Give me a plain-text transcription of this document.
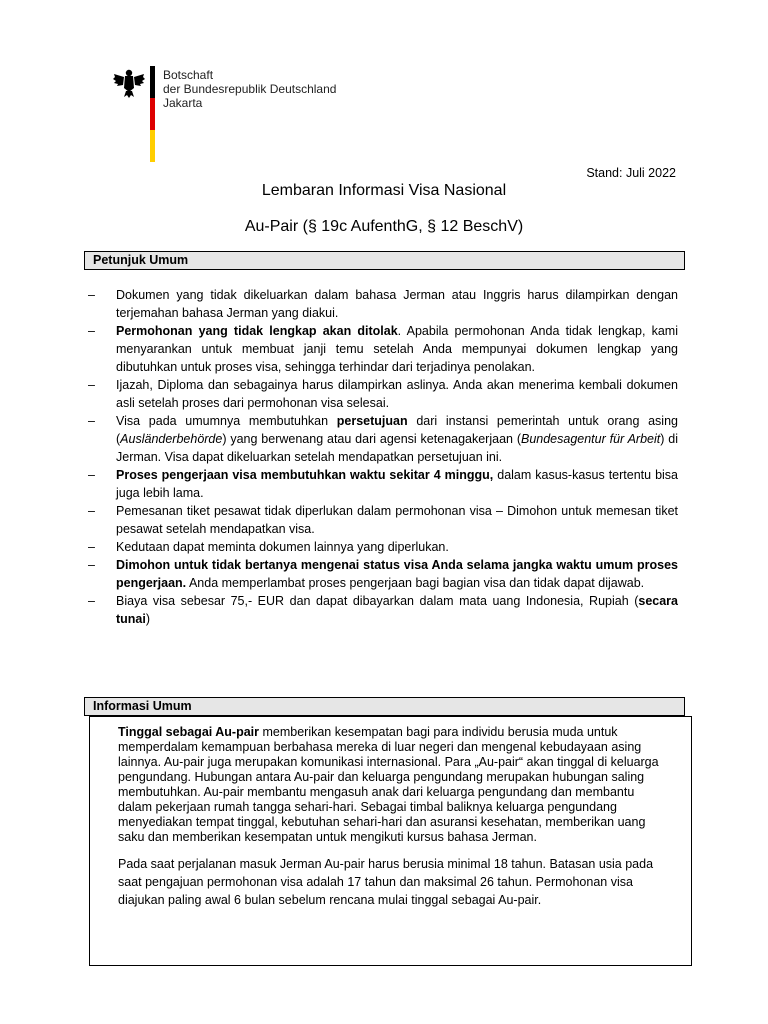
Botschaft
der Bundesrepublik Deutschland
Jakarta
Stand: Juli 2022
Lembaran Informasi Visa Nasional
Au-Pair (§ 19c AufenthG, § 12 BeschV)
Petunjuk Umum
– Dokumen yang tidak dikeluarkan dalam bahasa Jerman atau Inggris harus dilampirkan dengan terjemahan bahasa Jerman yang diakui.
– Permohonan yang tidak lengkap akan ditolak. Apabila permohonan Anda tidak lengkap, kami menyarankan untuk membuat janji temu setelah Anda mempunyai dokumen lengkap yang dibutuhkan untuk proses visa, sehingga terhindar dari terjadinya penolakan.
– Ijazah, Diploma dan sebagainya harus dilampirkan aslinya. Anda akan menerima kembali dokumen asli setelah proses dari permohonan visa selesai.
– Visa pada umumnya membutuhkan persetujuan dari instansi pemerintah untuk orang asing (Ausländerbehörde) yang berwenang atau dari agensi ketenagakerjaan (Bundesagentur für Arbeit) di Jerman. Visa dapat dikeluarkan setelah mendapatkan persetujuan ini.
– Proses pengerjaan visa membutuhkan waktu sekitar 4 minggu, dalam kasus-kasus tertentu bisa juga lebih lama.
– Pemesanan tiket pesawat tidak diperlukan dalam permohonan visa – Dimohon untuk memesan tiket pesawat setelah mendapatkan visa.
– Kedutaan dapat meminta dokumen lainnya yang diperlukan.
– Dimohon untuk tidak bertanya mengenai status visa Anda selama jangka waktu umum proses pengerjaan. Anda memperlambat proses pengerjaan bagi bagian visa dan tidak dapat dijawab.
– Biaya visa sebesar 75,- EUR dan dapat dibayarkan dalam mata uang Indonesia, Rupiah (secara tunai)
Informasi Umum

Tinggal sebagai Au-pair memberikan kesempatan bagi para individu berusia muda untuk memperdalam kemampuan berbahasa mereka di luar negeri dan mengenal kebudayaan asing lainnya. Au-pair juga merupakan komunikasi internasional. Para „Au-pair“ akan tinggal di keluarga pengundang. Hubungan antara Au-pair dan keluarga pengundang merupakan hubungan saling membutuhkan. Au-pair membantu mengasuh anak dari keluarga pengundang dan membantu dalam pekerjaan rumah tangga sehari-hari. Sebagai timbal baliknya keluarga pengundang menyediakan tempat tinggal, kebutuhan sehari-hari dan asuransi kesehatan, memberikan uang saku dan memberikan kesempatan untuk mengikuti kursus bahasa Jerman.

Pada saat perjalanan masuk Jerman Au-pair harus berusia minimal 18 tahun. Batasan usia pada saat pengajuan permohonan visa adalah 17 tahun dan maksimal 26 tahun. Permohonan visa diajukan paling awal 6 bulan sebelum rencana mulai tinggal sebagai Au-pair.
